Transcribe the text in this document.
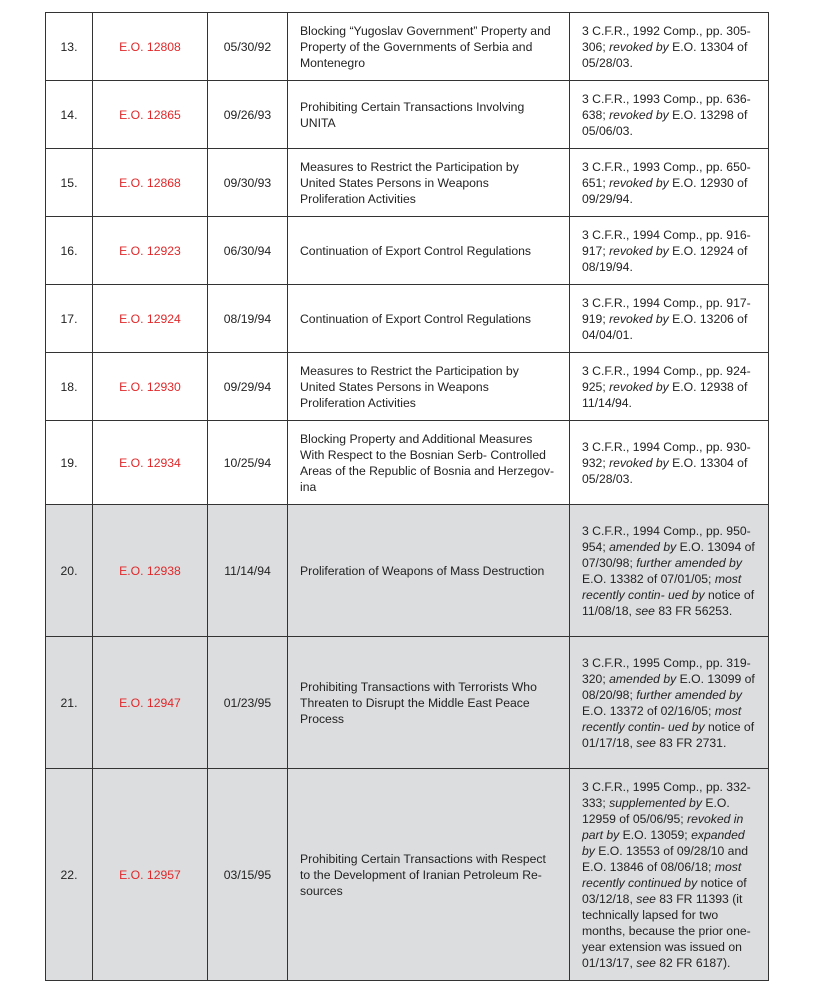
13.	E.O. 12808	05/30/92	Blocking “Yugoslav Government” Property and Property of the Governments of Serbia and Montenegro	3 C.F.R., 1992 Comp., pp. 305-306; revoked by E.O. 13304 of 05/28/03.
14.	E.O. 12865	09/26/93	Prohibiting Certain Transactions Involving UNITA	3 C.F.R., 1993 Comp., pp. 636-638; revoked by E.O. 13298 of 05/06/03.
15.	E.O. 12868	09/30/93	Measures to Restrict the Participation by United States Persons in Weapons Proliferation Activities	3 C.F.R., 1993 Comp., pp. 650-651; revoked by E.O. 12930 of 09/29/94.
16.	E.O. 12923	06/30/94	Continuation of Export Control Regulations	3 C.F.R., 1994 Comp., pp. 916-917; revoked by E.O. 12924 of 08/19/94.
17.	E.O. 12924	08/19/94	Continuation of Export Control Regulations	3 C.F.R., 1994 Comp., pp. 917-919; revoked by E.O. 13206 of 04/04/01.
18.	E.O. 12930	09/29/94	Measures to Restrict the Participation by United States Persons in Weapons Proliferation Activities	3 C.F.R., 1994 Comp., pp. 924-925; revoked by E.O. 12938 of 11/14/94.
19.	E.O. 12934	10/25/94	Blocking Property and Additional Measures With Respect to the Bosnian Serb- Controlled Areas of the Republic of Bosnia and Herzegov- ina	3 C.F.R., 1994 Comp., pp. 930-932; revoked by E.O. 13304 of 05/28/03.
20.	E.O. 12938	11/14/94	Proliferation of Weapons of Mass Destruction	3 C.F.R., 1994 Comp., pp. 950-954; amended by E.O. 13094 of 07/30/98; further amended by E.O. 13382 of 07/01/05; most recently contin- ued by notice of 11/08/18, see 83 FR 56253.
21.	E.O. 12947	01/23/95	Prohibiting Transactions with Terrorists Who Threaten to Disrupt the Middle East Peace Process	3 C.F.R., 1995 Comp., pp. 319-320; amended by E.O. 13099 of 08/20/98; further amended by E.O. 13372 of 02/16/05; most recently contin- ued by notice of 01/17/18, see 83 FR 2731.
22.	E.O. 12957	03/15/95	Prohibiting Certain Transactions with Respect to the Development of Iranian Petroleum Re- sources	3 C.F.R., 1995 Comp., pp. 332-333; supplemented by E.O. 12959 of 05/06/95; revoked in part by E.O. 13059; expanded by E.O. 13553 of 09/28/10 and E.O. 13846 of 08/06/18; most recently continued by notice of 03/12/18, see 83 FR 11393 (it technically lapsed for two months, because the prior one- year extension was issued on 01/13/17, see 82 FR 6187).
